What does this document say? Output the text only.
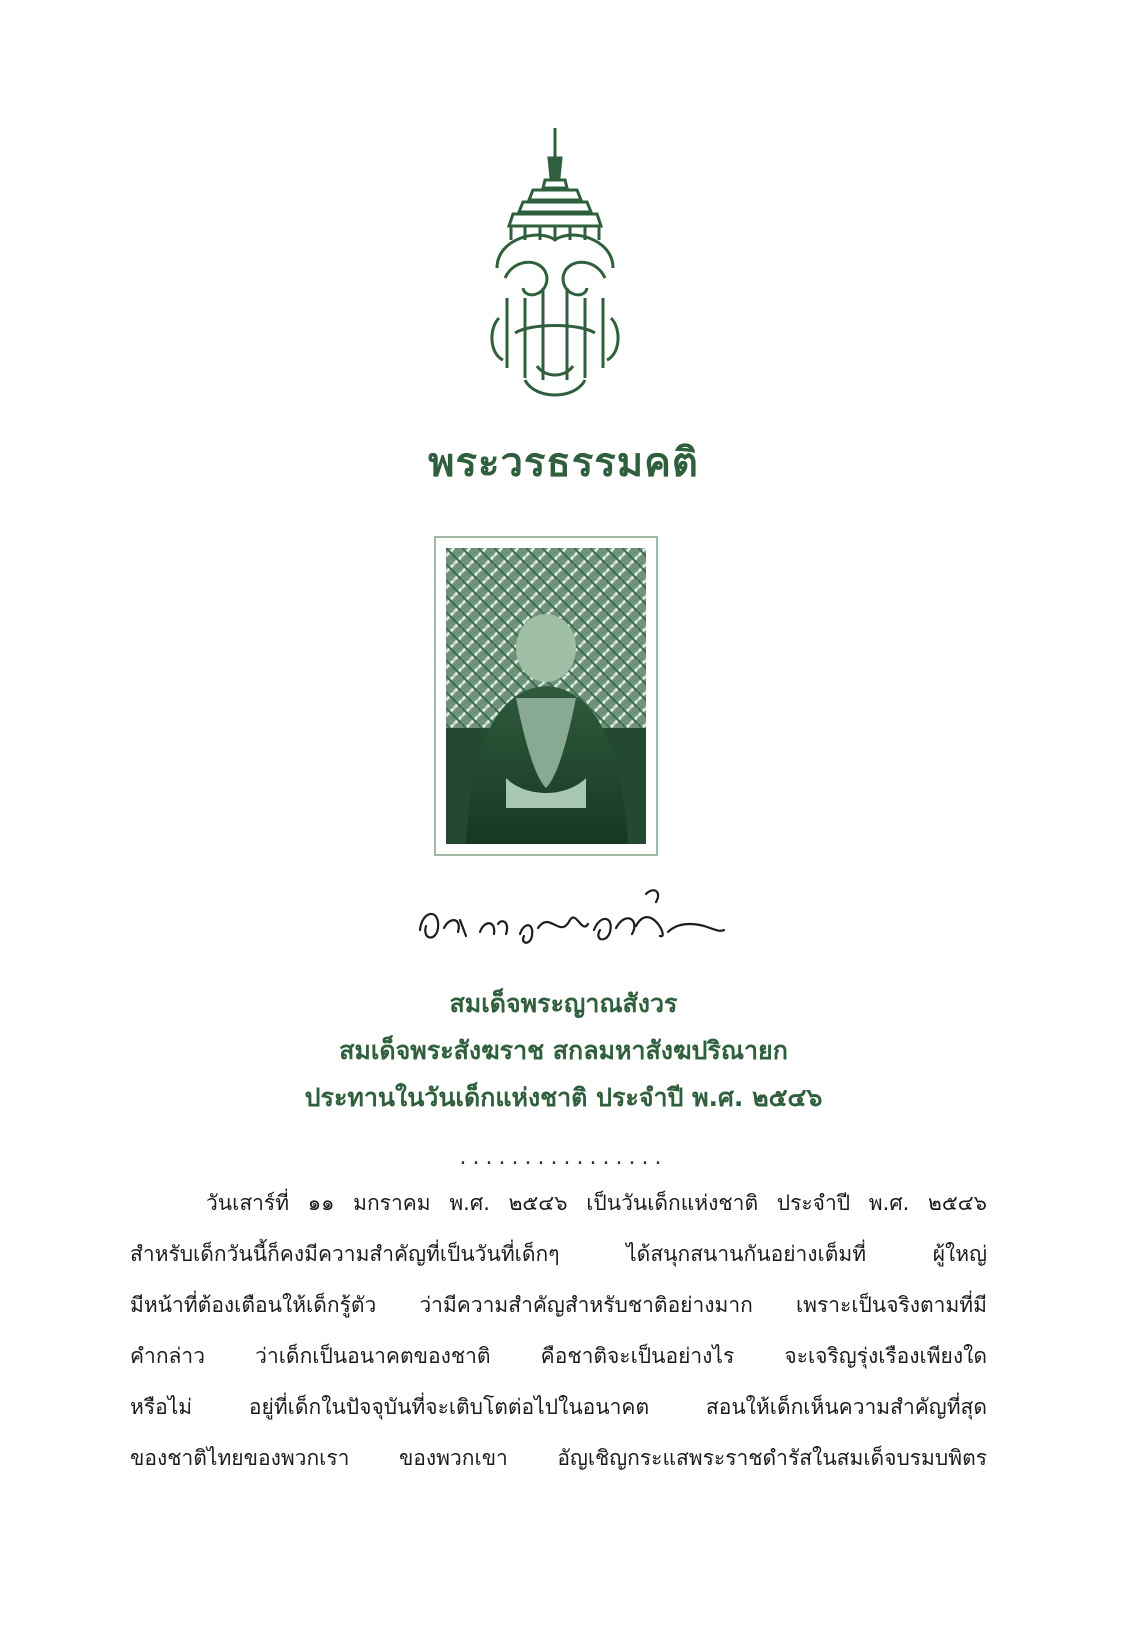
พระวรธรรมคติ
สมเด็จพระญาณสังวร
สมเด็จพระสังฆราช สกลมหาสังฆปริณายก
ประทานในวันเด็กแห่งชาติ ประจำปี พ.ศ. ๒๕๔๖
................
วันเสาร์ที่ ๑๑ มกราคม พ.ศ. ๒๕๔๖ เป็นวันเด็กแห่งชาติ ประจำปี พ.ศ. ๒๕๔๖
สำหรับเด็กวันนี้ก็คงมีความสำคัญที่เป็นวันที่เด็กๆ ได้สนุกสนานกันอย่างเต็มที่ ผู้ใหญ่
มีหน้าที่ต้องเตือนให้เด็กรู้ตัว ว่ามีความสำคัญสำหรับชาติอย่างมาก เพราะเป็นจริงตามที่มี
คำกล่าว ว่าเด็กเป็นอนาคตของชาติ คือชาติจะเป็นอย่างไร จะเจริญรุ่งเรืองเพียงใด
หรือไม่ อยู่ที่เด็กในปัจจุบันที่จะเติบโตต่อไปในอนาคต สอนให้เด็กเห็นความสำคัญที่สุด
ของชาติไทยของพวกเรา ของพวกเขา อัญเชิญกระแสพระราชดำรัสในสมเด็จบรมบพิตร
